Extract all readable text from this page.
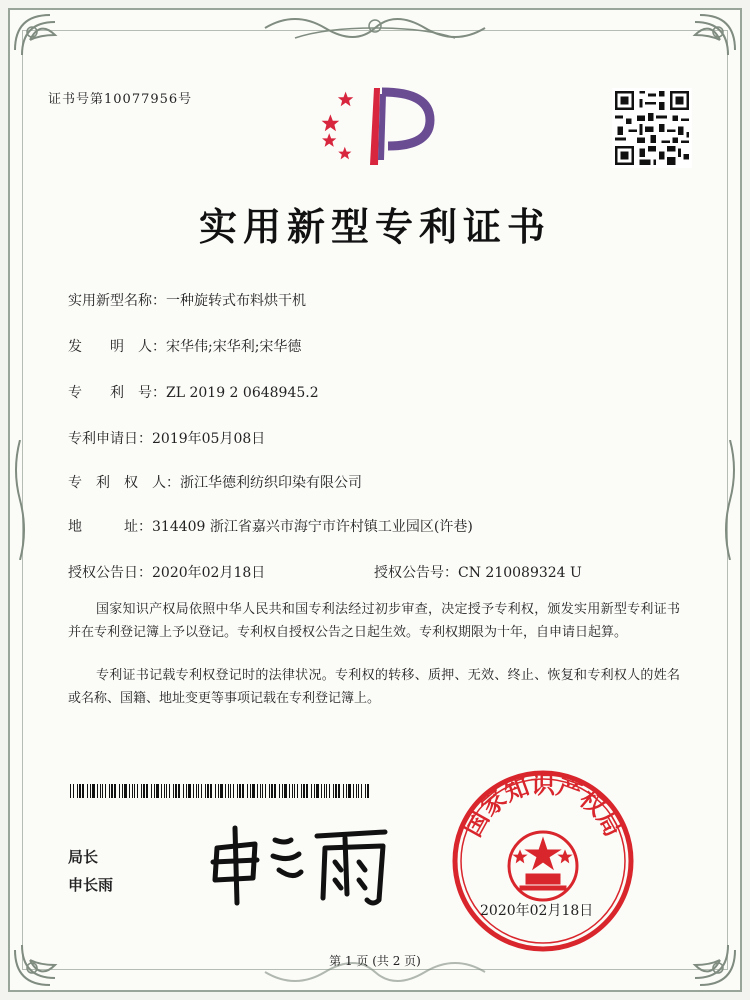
证书号第10077956号
实用新型专利证书
实用新型名称：一种旋转式布料烘干机
发　　明　人：宋华伟;宋华利;宋华德
专　　利　号：ZL 2019 2 0648945.2
专利申请日：2019年05月08日
专　利　权　人：浙江华德利纺织印染有限公司
地　　　址：314409 浙江省嘉兴市海宁市许村镇工业园区(许巷)
授权公告日：2020年02月18日	授权公告号：CN 210089324 U
国家知识产权局依照中华人民共和国专利法经过初步审查，决定授予专利权，颁发实用新型专利证书并在专利登记簿上予以登记。专利权自授权公告之日起生效。专利权期限为十年，自申请日起算。
专利证书记载专利权登记时的法律状况。专利权的转移、质押、无效、终止、恢复和专利权人的姓名或名称、国籍、地址变更等事项记载在专利登记簿上。
局长
申长雨
国家知识产权局
2020年02月18日
第 1 页 (共 2 页)
